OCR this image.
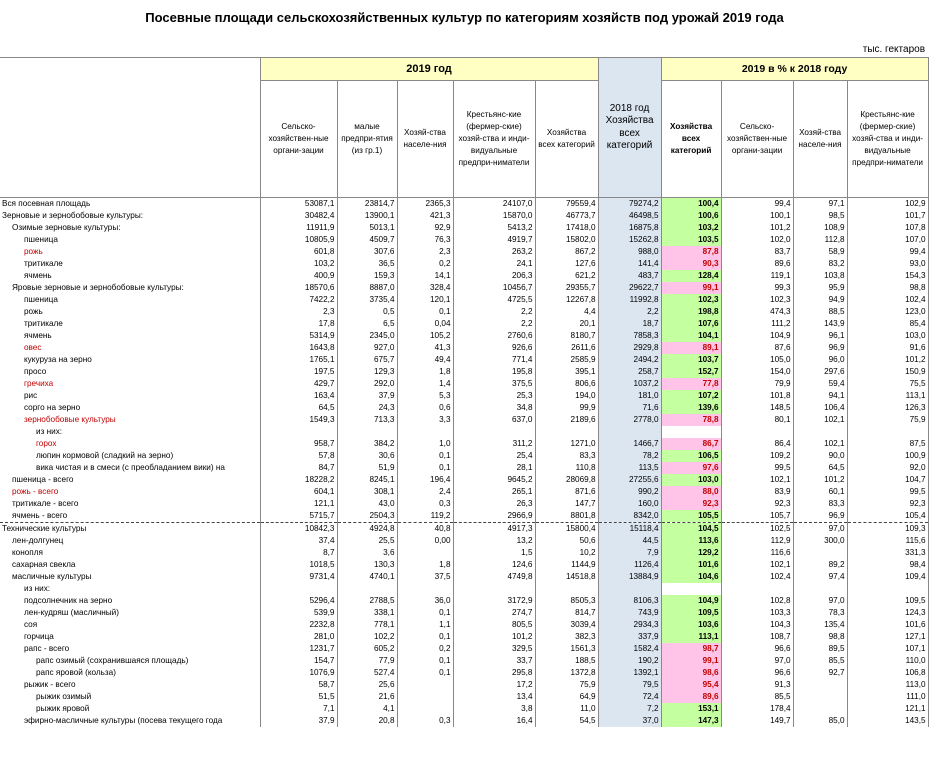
Посевные площади сельскохозяйственных культур по категориям хозяйств под урожай 2019 года
тыс. гектаров
	2019 год					2018 год Хозяйства всех категорий	2019 в % к 2018 году			
	Сельско-хозяйствен-ные органи-зации	малые предпри-ятия (из гр.1)	Хозяй-ства населе-ния	Крестьянс-кие (фермер-ские) хозяй-ства и инди-видуальные предпри-ниматели	Хозяйства всех категорий		Хозяйства всех категорий	Сельско-хозяйствен-ные органи-зации	Хозяй-ства населе-ния	Крестьянс-кие (фермер-ские) хозяй-ства и инди-видуальные предпри-ниматели
Вся посевная площадь	53087,1	23814,7	2365,3	24107,0	79559,4	79274,2	100,4	99,4	97,1	102,9
Зерновые и зернобобовые культуры:	30482,4	13900,1	421,3	15870,0	46773,7	46498,5	100,6	100,1	98,5	101,7
Озимые зерновые культуры:	11911,9	5013,1	92,9	5413,2	17418,0	16875,8	103,2	101,2	108,9	107,8
пшеница	10805,9	4509,7	76,3	4919,7	15802,0	15262,8	103,5	102,0	112,8	107,0
рожь	601,8	307,6	2,3	263,2	867,2	988,0	87,8	83,7	58,9	99,4
тритикале	103,2	36,5	0,2	24,1	127,6	141,4	90,3	89,6	83,2	93,0
ячмень	400,9	159,3	14,1	206,3	621,2	483,7	128,4	119,1	103,8	154,3
Яровые зерновые и зернобобовые культуры:	18570,6	8887,0	328,4	10456,7	29355,7	29622,7	99,1	99,3	95,9	98,8
пшеница	7422,2	3735,4	120,1	4725,5	12267,8	11992,8	102,3	102,3	94,9	102,4
рожь	2,3	0,5	0,1	2,2	4,4	2,2	198,8	474,3	88,5	123,0
тритикале	17,8	6,5	0,04	2,2	20,1	18,7	107,6	111,2	143,9	85,4
ячмень	5314,9	2345,0	105,2	2760,6	8180,7	7858,3	104,1	104,9	96,1	103,0
овес	1643,8	927,0	41,3	926,6	2611,6	2929,8	89,1	87,6	96,9	91,6
кукуруза на зерно	1765,1	675,7	49,4	771,4	2585,9	2494,2	103,7	105,0	96,0	101,2
просо	197,5	129,3	1,8	195,8	395,1	258,7	152,7	154,0	297,6	150,9
гречиха	429,7	292,0	1,4	375,5	806,6	1037,2	77,8	79,9	59,4	75,5
рис	163,4	37,9	5,3	25,3	194,0	181,0	107,2	101,8	94,1	113,1
сорго на зерно	64,5	24,3	0,6	34,8	99,9	71,6	139,6	148,5	106,4	126,3
зернобобовые культуры	1549,3	713,3	3,3	637,0	2189,6	2778,0	78,8	80,1	102,1	75,9
из них:										
горох	958,7	384,2	1,0	311,2	1271,0	1466,7	86,7	86,4	102,1	87,5
люпин кормовой (сладкий на зерно)	57,8	30,6	0,1	25,4	83,3	78,2	106,5	109,2	90,0	100,9
вика чистая и в смеси (с преобладанием вики) на	84,7	51,9	0,1	28,1	110,8	113,5	97,6	99,5	64,5	92,0
пшеница - всего	18228,2	8245,1	196,4	9645,2	28069,8	27255,6	103,0	102,1	101,2	104,7
рожь - всего	604,1	308,1	2,4	265,1	871,6	990,2	88,0	83,9	60,1	99,5
тритикале - всего	121,1	43,0	0,3	26,3	147,7	160,0	92,3	92,3	83,3	92,3
ячмень - всего	5715,7	2504,3	119,2	2966,9	8801,8	8342,0	105,5	105,7	96,9	105,4
Технические культуры	10842,3	4924,8	40,8	4917,3	15800,4	15118,4	104,5	102,5	97,0	109,3
лен-долгунец	37,4	25,5	0,00	13,2	50,6	44,5	113,6	112,9	300,0	115,6
конопля	8,7	3,6		1,5	10,2	7,9	129,2	116,6		331,3
сахарная свекла	1018,5	130,3	1,8	124,6	1144,9	1126,4	101,6	102,1	89,2	98,4
масличные культуры	9731,4	4740,1	37,5	4749,8	14518,8	13884,9	104,6	102,4	97,4	109,4
из них:										
подсолнечник на зерно	5296,4	2788,5	36,0	3172,9	8505,3	8106,3	104,9	102,8	97,0	109,5
лен-кудряш (масличный)	539,9	338,1	0,1	274,7	814,7	743,9	109,5	103,3	78,3	124,3
соя	2232,8	778,1	1,1	805,5	3039,4	2934,3	103,6	104,3	135,4	101,6
горчица	281,0	102,2	0,1	101,2	382,3	337,9	113,1	108,7	98,8	127,1
рапс - всего	1231,7	605,2	0,2	329,5	1561,3	1582,4	98,7	96,6	89,5	107,1
рапс озимый (сохранившаяся площадь)	154,7	77,9	0,1	33,7	188,5	190,2	99,1	97,0	85,5	110,0
рапс яровой (кольза)	1076,9	527,4	0,1	295,8	1372,8	1392,1	98,6	96,6	92,7	106,8
рыжик - всего	58,7	25,6		17,2	75,9	79,5	95,4	91,3		113,0
рыжик озимый	51,5	21,6		13,4	64,9	72,4	89,6	85,5		111,0
рыжик яровой	7,1	4,1		3,8	11,0	7,2	153,1	178,4		121,1
эфирно-масличные культуры (посева текущего года	37,9	20,8	0,3	16,4	54,5	37,0	147,3	149,7	85,0	143,5
